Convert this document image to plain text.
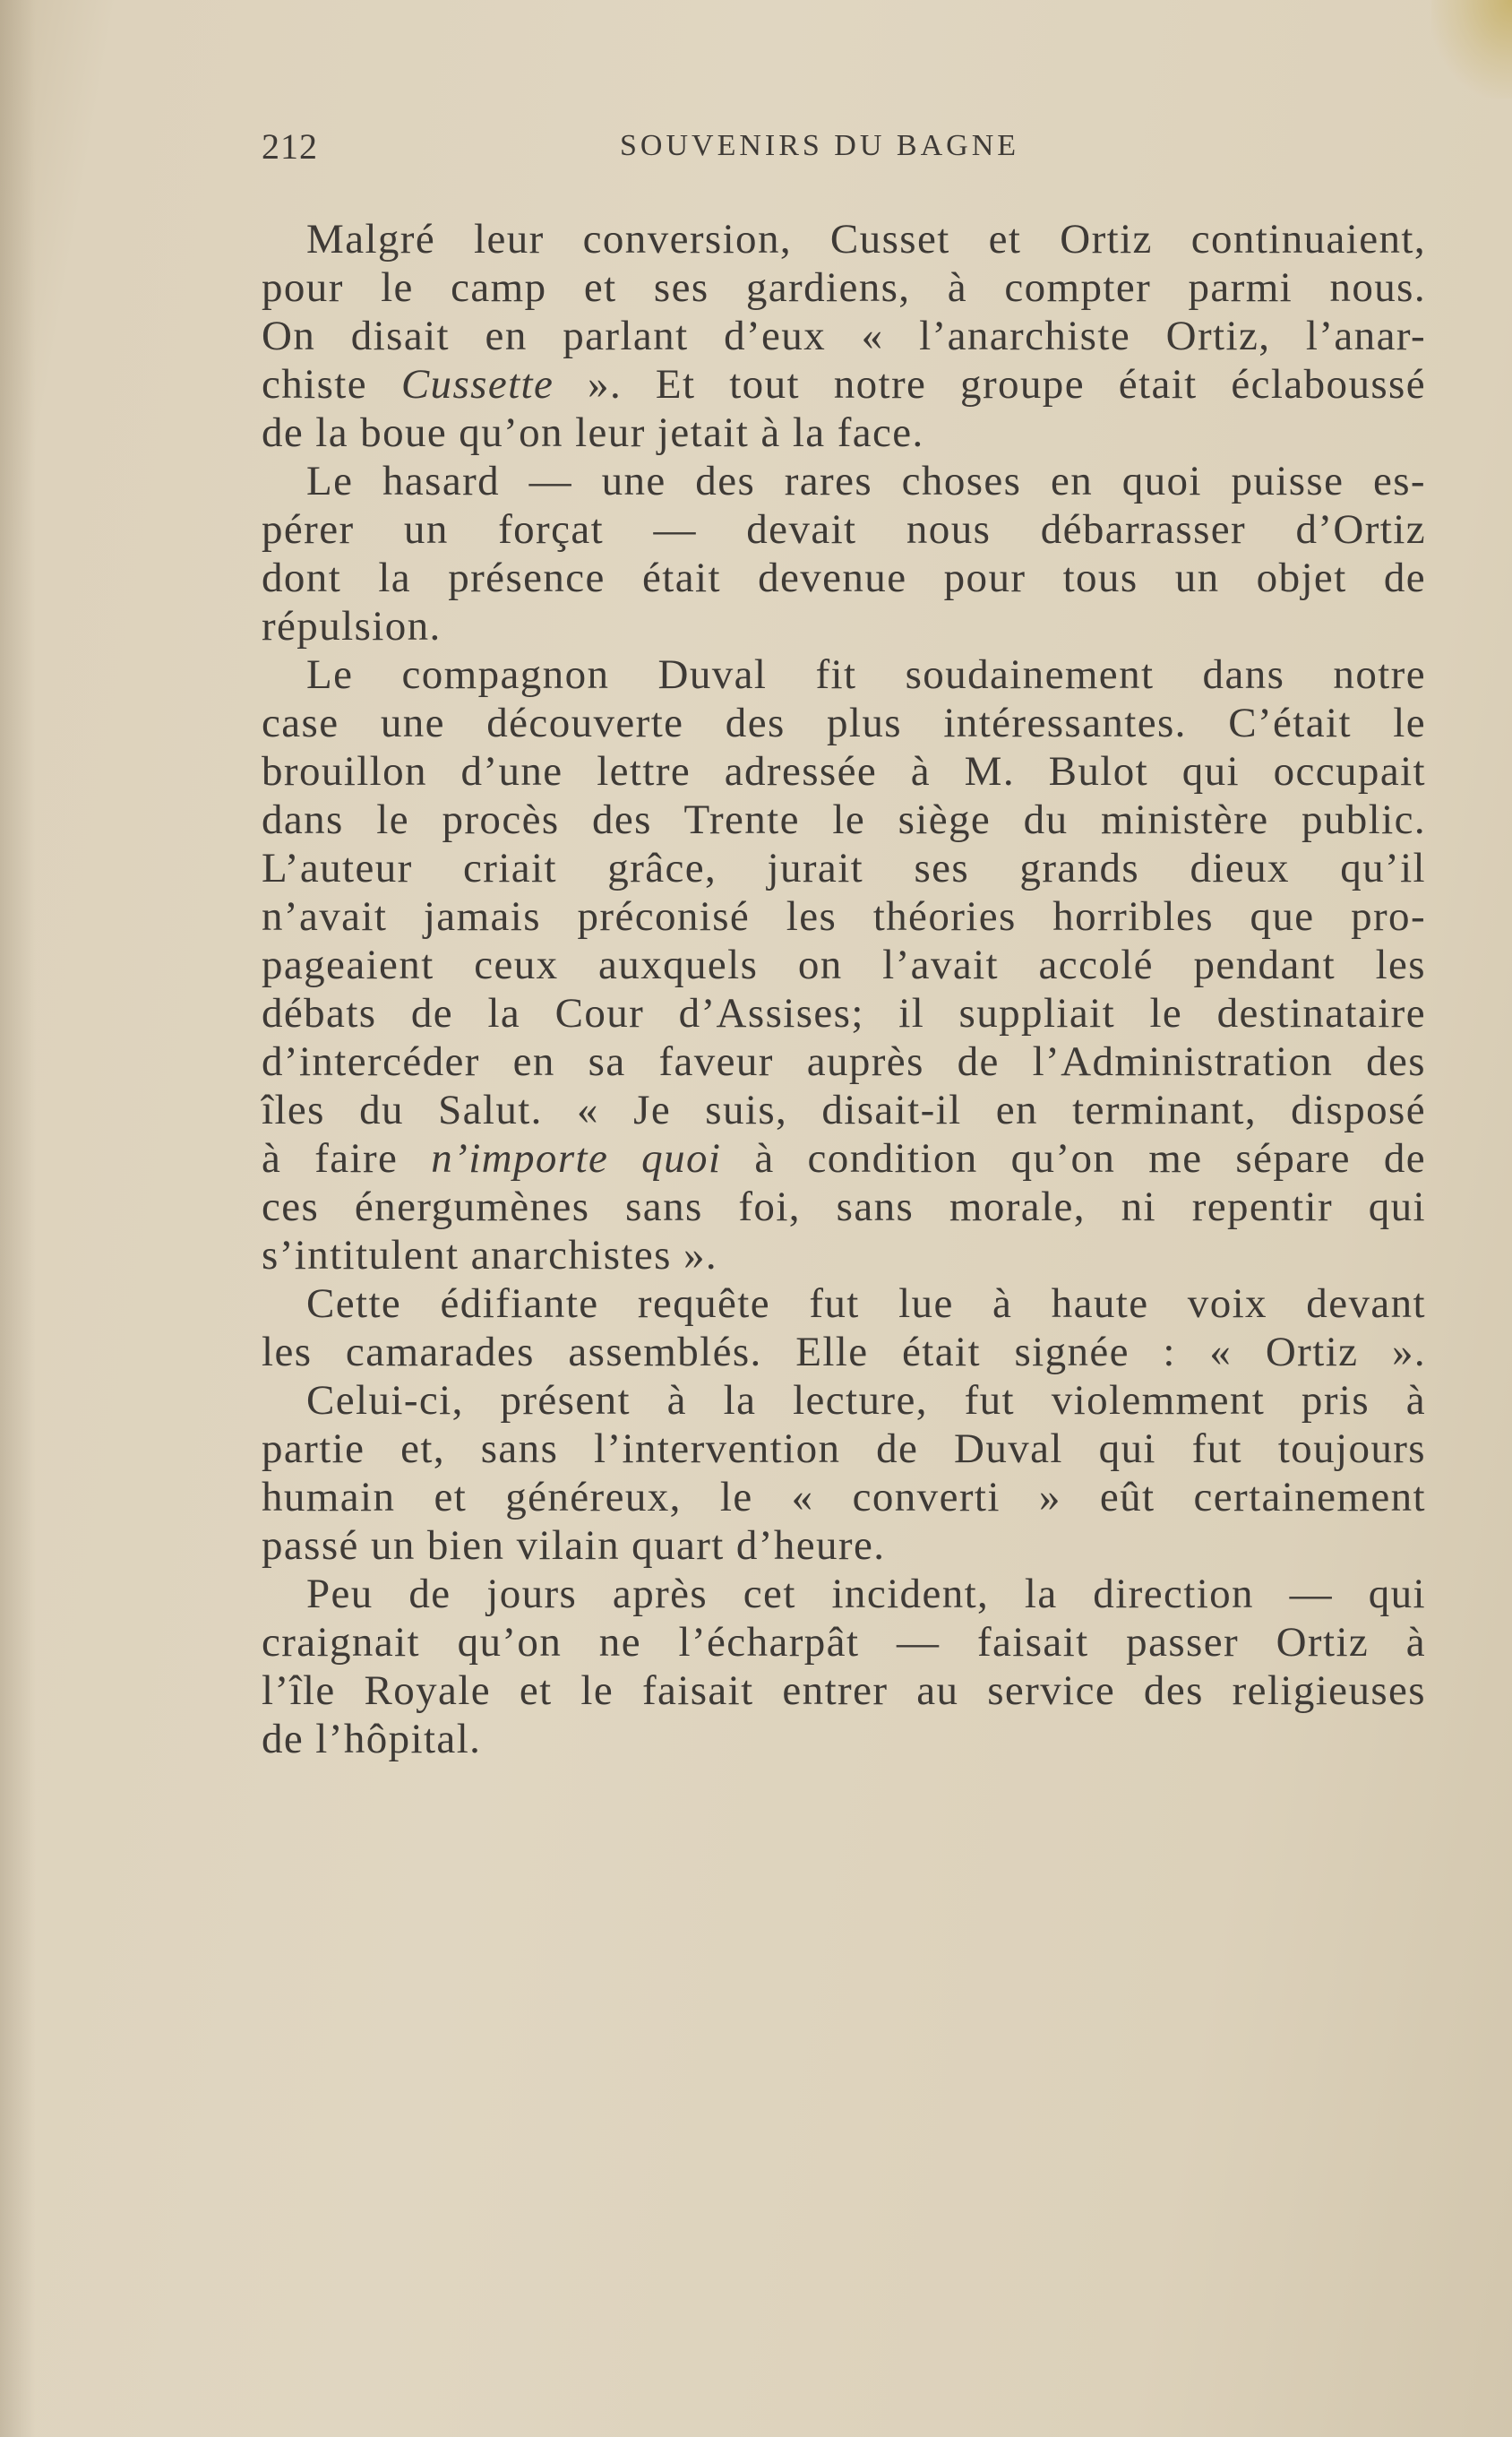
212	SOUVENIRS DU BAGNE
Malgré leur conversion, Cusset et Ortiz continuaient,
pour le camp et ses gardiens, à compter parmi nous.
On disait en parlant d’eux « l’anarchiste Ortiz, l’anar-
chiste Cussette ». Et tout notre groupe était éclaboussé
de la boue qu’on leur jetait à la face.
Le hasard — une des rares choses en quoi puisse es-
pérer un forçat — devait nous débarrasser d’Ortiz
dont la présence était devenue pour tous un objet de
répulsion.
Le compagnon Duval fit soudainement dans notre
case une découverte des plus intéressantes. C’était le
brouillon d’une lettre adressée à M. Bulot qui occupait
dans le procès des Trente le siège du ministère public.
L’auteur criait grâce, jurait ses grands dieux qu’il
n’avait jamais préconisé les théories horribles que pro-
pageaient ceux auxquels on l’avait accolé pendant les
débats de la Cour d’Assises; il suppliait le destinataire
d’intercéder en sa faveur auprès de l’Administration des
îles du Salut. « Je suis, disait-il en terminant, disposé
à faire n’importe quoi à condition qu’on me sépare de
ces énergumènes sans foi, sans morale, ni repentir qui
s’intitulent anarchistes ».
Cette édifiante requête fut lue à haute voix devant
les camarades assemblés. Elle était signée : « Ortiz ».
Celui-ci, présent à la lecture, fut violemment pris à
partie et, sans l’intervention de Duval qui fut toujours
humain et généreux, le « converti » eût certainement
passé un bien vilain quart d’heure.
Peu de jours après cet incident, la direction — qui
craignait qu’on ne l’écharpât — faisait passer Ortiz à
l’île Royale et le faisait entrer au service des religieuses
de l’hôpital.
